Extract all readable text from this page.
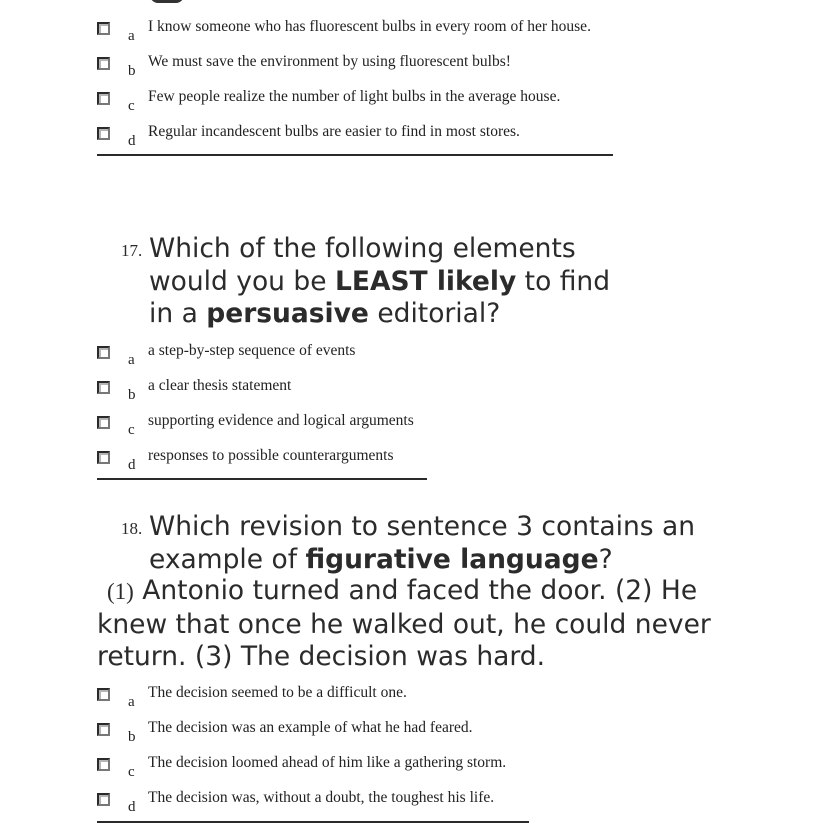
a
I know someone who has fluorescent bulbs in every room of her house.
b
We must save the environment by using fluorescent bulbs!
c
Few people realize the number of light bulbs in the average house.
d
Regular incandescent bulbs are easier to find in most stores.
17. Which of the following elements
would you be LEAST likely to find
in a persuasive editorial?
a
a step-by-step sequence of events
b
a clear thesis statement
c
supporting evidence and logical arguments
d
responses to possible counterarguments
18. Which revision to sentence 3 contains an
example of figurative language?
(1) Antonio turned and faced the door. (2) He
knew that once he walked out, he could never
return. (3) The decision was hard.
a
The decision seemed to be a difficult one.
b
The decision was an example of what he had feared.
c
The decision loomed ahead of him like a gathering storm.
d
The decision was, without a doubt, the toughest his life.
